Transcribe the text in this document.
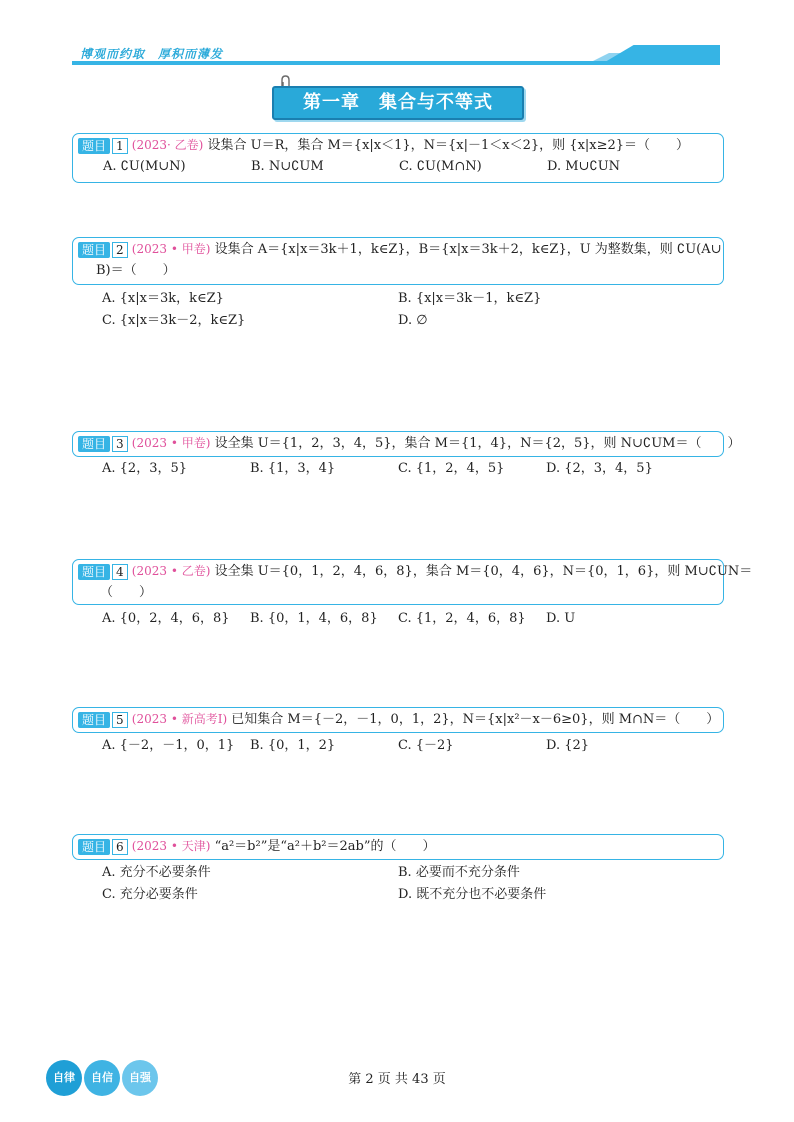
博观而约取　厚积而薄发
第一章　集合与不等式
题目 1 (2023· 乙卷) 设集合 U＝R，集合 M＝{x|x＜1}，N＝{x|－1＜x＜2}，则 {x|x≥2}＝（　　）
A. ∁U(M∪N)	B. N∪∁UM	C. ∁U(M∩N)	D. M∪∁UN
题目 2 (2023 • 甲卷) 设集合 A＝{x|x＝3k＋1，k∈Z}，B＝{x|x＝3k＋2，k∈Z}，U 为整数集，则 ∁U(A∪
B)＝（　　）
A. {x|x＝3k，k∈Z}	B. {x|x＝3k－1，k∈Z}
C. {x|x＝3k－2，k∈Z}	D. ∅
题目 3 (2023 • 甲卷) 设全集 U＝{1，2，3，4，5}，集合 M＝{1，4}，N＝{2，5}，则 N∪∁UM＝（　　）
A. {2，3，5}	B. {1，3，4}	C. {1，2，4，5}	D. {2，3，4，5}
题目 4 (2023 • 乙卷) 设全集 U＝{0，1，2，4，6，8}，集合 M＝{0，4，6}，N＝{0，1，6}，则 M∪∁UN＝
（　　）
A. {0，2，4，6，8} B. {0，1，4，6，8} C. {1，2，4，6，8} D. U
题目 5 (2023 • 新高考Ⅰ) 已知集合 M＝{－2，－1，0，1，2}，N＝{x|x²－x－6≥0}，则 M∩N＝（　　）
A. {－2，－1，0，1} B. {0，1，2}	C. {－2}	D. {2}
题目 6 (2023 • 天津) “a²＝b²”是“a²＋b²＝2ab”的（　　）
A. 充分不必要条件	B. 必要而不充分条件
C. 充分必要条件	D. 既不充分也不必要条件
自律	自信	自强	第 2 页 共 43 页
